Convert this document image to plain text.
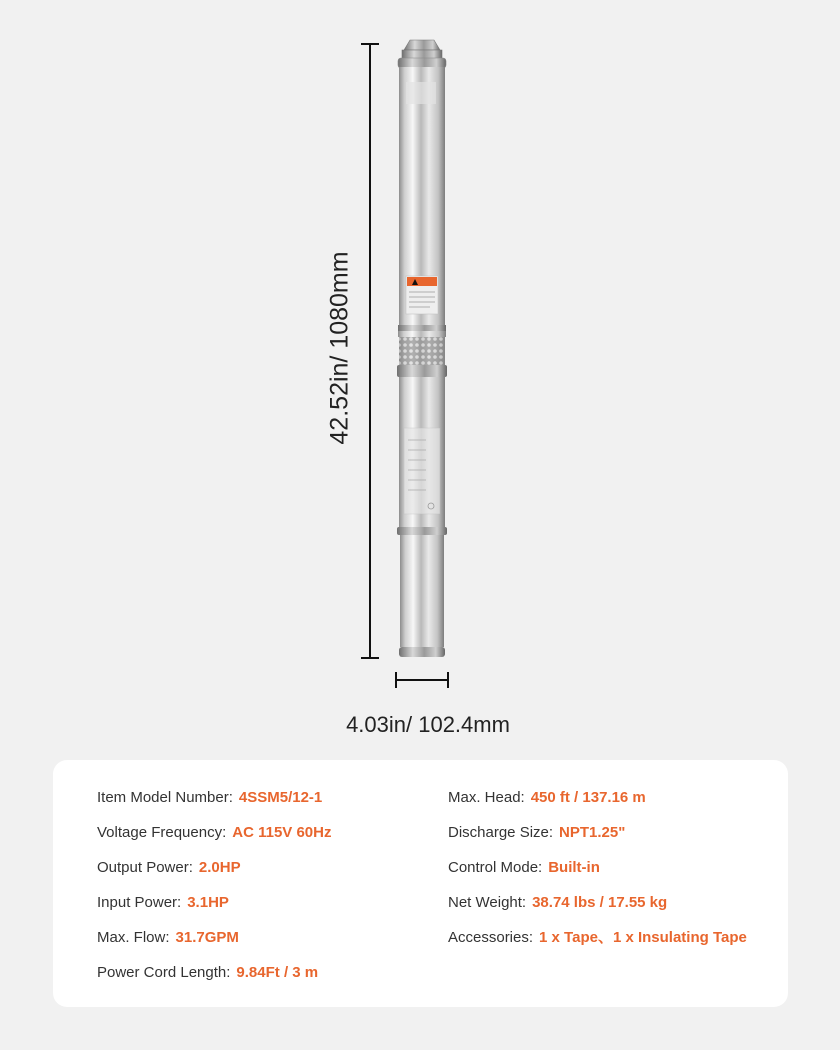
42.52in/ 1080mm
4.03in/ 102.4mm
Item Model Number: 4SSM5/12-1
Voltage Frequency: AC 115V 60Hz
Output Power: 2.0HP
Input Power: 3.1HP
Max. Flow: 31.7GPM
Power Cord Length: 9.84Ft / 3 m
Max. Head: 450 ft / 137.16 m
Discharge Size: NPT1.25"
Control Mode: Built-in
Net Weight: 38.74 lbs / 17.55 kg
Accessories: 1 x Tape、1 x Insulating Tape
